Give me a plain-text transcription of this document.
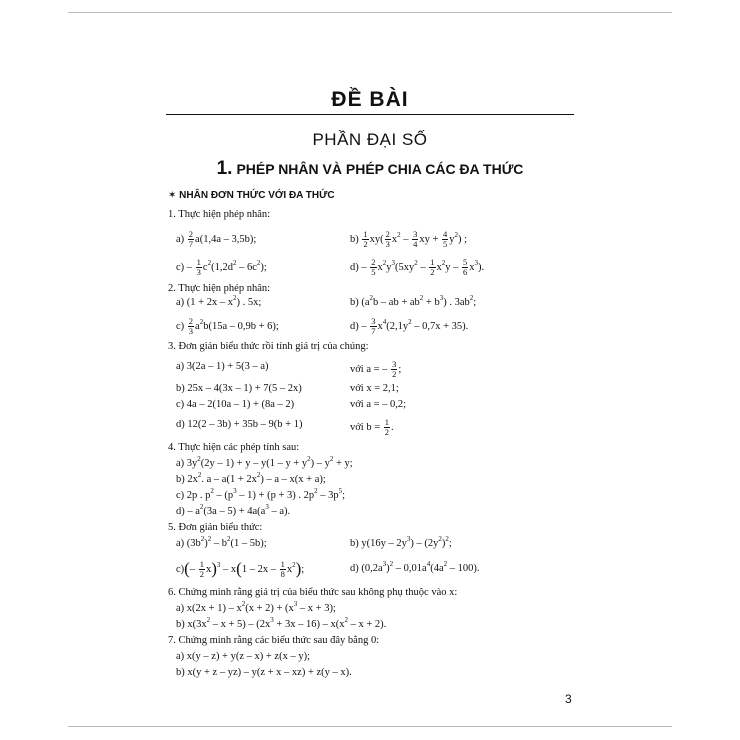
ĐỀ BÀI
PHẦN ĐẠI SỐ
1. PHÉP NHÂN VÀ PHÉP CHIA CÁC ĐA THỨC
✶ NHÂN ĐƠN THỨC VỚI ĐA THỨC
1. Thực hiện phép nhân:
$a) \frac{2}{7} a(1,4a - 3,5b)$;	$b) \frac{1}{2} xy( \frac{2}{3} x^2 - \frac{3}{4}$ xy + $\frac{4}{5} y^2$) ;
$c) - \frac{1}{3} c^2(1,2d^2 - 6c^2)$;	$d) - \frac{2}{5} x^2y^3(5xy^2 - \frac{1}{2} x^2y - \frac{5}{6} x^3)$.
2. Thực hiện phép nhân:
a) $(1 + 2x - x^2)$ . 5x;	b) ($a^2b$ – ab + $ab^2 + b^3$) . $3ab^2$;
$c) \frac{2}{3} a^2b(15a - 0,9b + 6)$;	$d) - \frac{3}{7} x^4(2,1y^2 - 0,7x + 35)$.
3. Đơn giản biểu thức rồi tính giá trị của chúng:
a) 3(2a – 1) + 5(3 – a)	với a = – $\frac{3}{2}$ ;
b) 25x – 4(3x – 1) + 7(5 – 2x)	với x = 2,1;
c) 4a – 2(10a – 1) + (8a – 2)	với a = – 0,2;
d) 12(2 – 3b) + 35b – 9(b + 1)	với $b = \frac{1}{2}$ .
4. Thực hiện các phép tính sau:
a) $3y^2(2y - 1) + y - y(1 - y + y^2) - y^2 + y$;
b) $2x^2$. $a - a(1 + 2x^2) - a - x(x + a)$;
c) 2p . $p^2 - (p^3 - 1) + (p + 3)$ . $2p^2 - 3p^5$;
$d) - a^2(3a - 5) + 4a(a^3 - a)$.
5. Đơn giản biểu thức:
a) $(3b^2)^2 - b^2(1 - 5b)$;	b) $y(16y - 2y^3) - (2y^2)^2$;
$c)(- \frac{1}{2} x)^3 - x(1 - 2x - \frac{1}{8} x^2)$;	d) $(0,2a^3)^2 - 0,01a^4(4a^2 - 100)$.
6. Chứng minh rằng giá trị của biểu thức sau không phụ thuộc vào x:
a) $x(2x + 1) - x^2(x + 2) + (x^3 - x + 3)$;
b) $x(3x^2 - x + 5) - (2x^3 + 3x - 16) - x(x^2 - x + 2)$.
7. Chứng minh rằng các biểu thức sau đây bằng 0:
a) x(y – z) + y(z – x) + z(x – y);
b) x(y + z – yz) – y(z + x – xz) + z(y – x).
3
